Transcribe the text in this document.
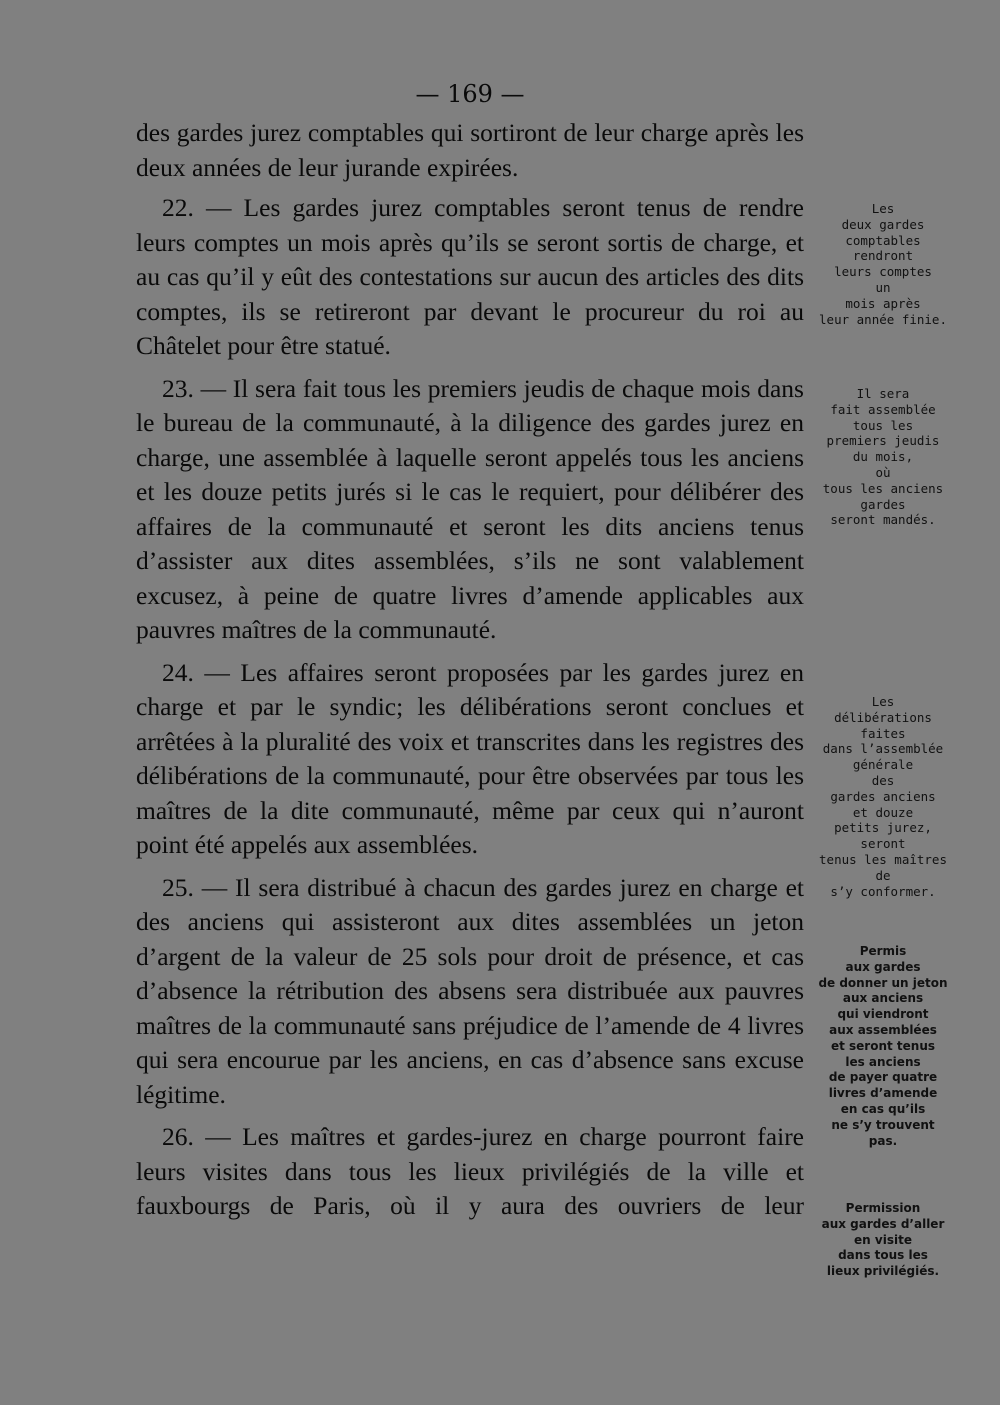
— 169 —

des gardes jurez comptables qui sortiront de leur charge après les deux années de leur jurande expirées.

22. — Les gardes jurez comptables seront tenus de rendre leurs comptes un mois après qu’ils se seront sortis de charge, et au cas qu’il y eût des contestations sur aucun des articles des dits comptes, ils se retireront par devant le procureur du roi au Châtelet pour être statué.

23. — Il sera fait tous les premiers jeudis de chaque mois dans le bureau de la communauté, à la diligence des gardes jurez en charge, une assemblée à laquelle seront appelés tous les anciens et les douze petits jurés si le cas le requiert, pour délibérer des affaires de la communauté et seront les dits anciens tenus d’assister aux dites assemblées, s’ils ne sont valablement excusez, à peine de quatre livres d’amende applicables aux pauvres maîtres de la communauté.

24. — Les affaires seront proposées par les gardes jurez en charge et par le syndic; les délibérations seront conclues et arrêtées à la pluralité des voix et transcrites dans les registres des délibérations de la communauté, pour être observées par tous les maîtres de la dite communauté, même par ceux qui n’auront point été appelés aux assemblées.

25. — Il sera distribué à chacun des gardes jurez en charge et des anciens qui assisteront aux dites assemblées un jeton d’argent de la valeur de 25 sols pour droit de présence, et cas d’absence la rétribution des absens sera distribuée aux pauvres maîtres de la communauté sans préjudice de l’amende de 4 livres qui sera encourue par les anciens, en cas d’absence sans excuse légitime.

26. — Les maîtres et gardes-jurez en charge pourront faire leurs visites dans tous les lieux privilégiés de la ville et fauxbourgs de Paris, où il y aura des ouvriers de leur

Les
deux gardes
comptables
rendront
leurs comptes
un
mois après
leur année finie.
Il sera
fait assemblée
tous les
premiers jeudis
du mois,
où
tous les anciens
gardes
seront mandés.
Les
délibérations
faites
dans l’assemblée
générale
des
gardes anciens
et douze
petits jurez,
seront
tenus les maîtres
de
s’y conformer.
Permis
aux gardes
de donner un jeton
aux anciens
qui viendront
aux assemblées
et seront tenus
les anciens
de payer quatre
livres d’amende
en cas qu’ils
ne s’y trouvent
pas.
Permission
aux gardes d’aller
en visite
dans tous les
lieux privilégiés.
